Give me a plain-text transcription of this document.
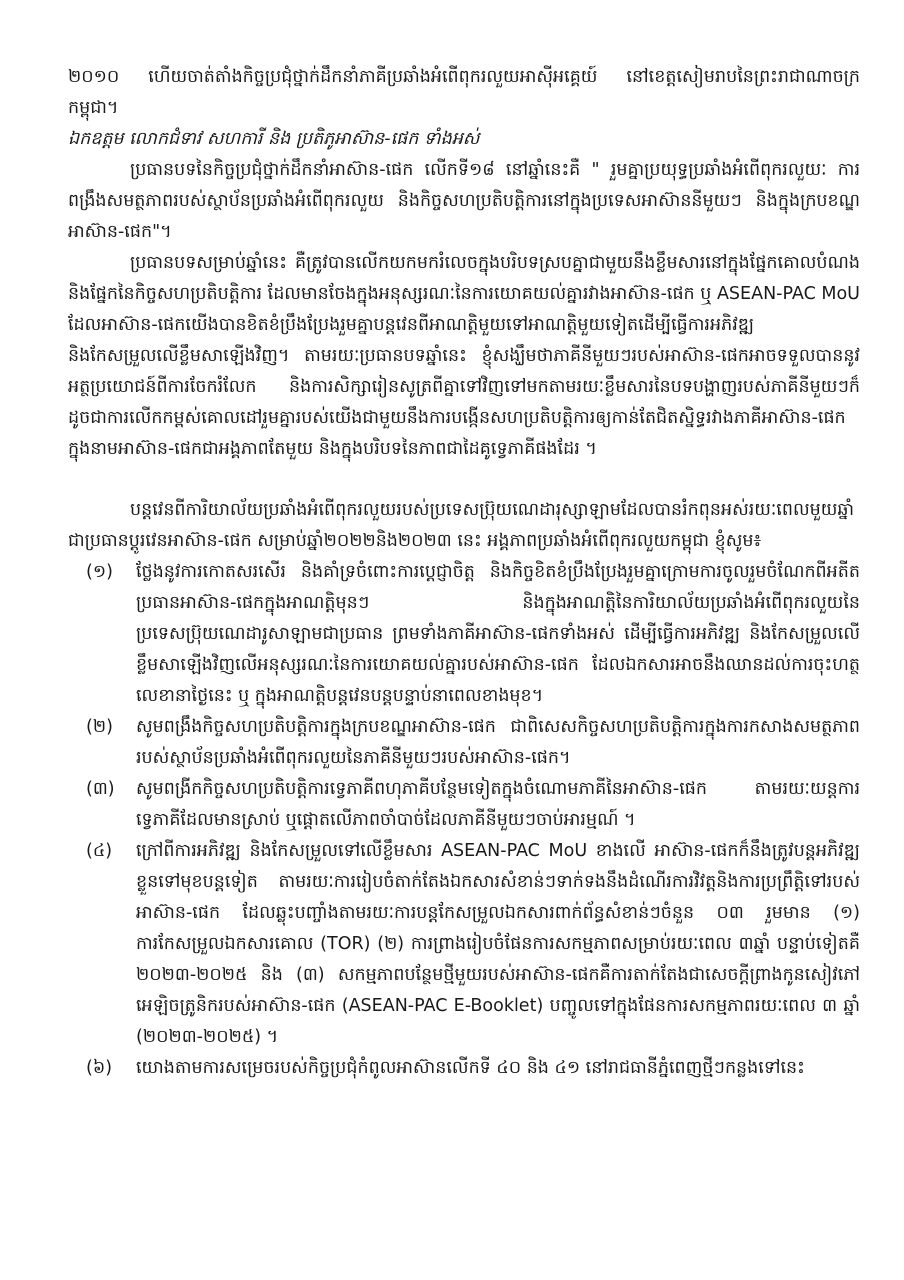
២០១០ ហើយចាត់តាំងកិច្ចប្រជុំថ្នាក់ដឹកនាំភាគីប្រឆាំងអំពើពុករលួយអាស៊ីអគ្គេយ៍ នៅខេត្តសៀមរាបនៃព្រះរាជាណាចក្រកម្ពុជា។

ឯកឧត្តម លោកជំទាវ សហការី និង ប្រតិភូអាស៊ាន-ផេក ទាំងអស់

ប្រធានបទនៃកិច្ចប្រជុំថ្នាក់ដឹកនាំអាស៊ាន-ផេក លើកទី១៨ នៅឆ្នាំនេះគឺ " រួមគ្នាប្រយុទ្ធប្រឆាំងអំពើពុករលួយៈ ការពង្រឹងសមត្ថភាពរបស់ស្ថាប័នប្រឆាំងអំពើពុករលួយ និងកិច្ចសហប្រតិបត្តិការនៅក្នុងប្រទេសអាស៊ាននីមួយៗ និងក្នុងក្របខណ្ឌអាស៊ាន-ផេក"។

ប្រធានបទសម្រាប់ឆ្នាំនេះ គឺត្រូវបានលើកយកមករំលេចក្នុងបរិបទស្របគ្នាជាមួយនឹងខ្លឹមសារនៅក្នុងផ្នែកគោលបំណង និងផ្នែកនៃកិច្ចសហប្រតិបត្តិការ ដែលមានចែងក្នុងអនុស្សរណៈនៃការយោគយល់គ្នារវាងអាស៊ាន-ផេក ឬ ASEAN-PAC MoU ដែលអាស៊ាន-ផេកយើងបានខិតខំប្រឹងប្រែងរួមគ្នាបន្តវេនពីអាណត្តិមួយទៅអាណត្តិមួយទៀតដើម្បីធ្វើការអភិវឌ្ឍ និងកែសម្រួលលើខ្លឹមសាឡើងវិញ។ តាមរយៈប្រធានបទឆ្នាំនេះ ខ្ញុំសង្ឃឹមថាភាគីនីមួយៗរបស់អាស៊ាន-ផេកអាចទទួលបាននូវអត្ថប្រយោជន៍ពីការចែករំលែក និងការសិក្សារៀនសូត្រពីគ្នាទៅវិញទៅមកតាមរយៈខ្លឹមសារនៃបទបង្ហាញរបស់ភាគីនីមួយៗក៏ដូចជាការលើកកម្ពស់គោលដៅរួមគ្នារបស់យើងជាមួយនឹងការបង្កើនសហប្រតិបត្តិការឲ្យកាន់តែជិតស្និទ្ធរវាងភាគីអាស៊ាន-ផេក ក្នុងនាមអាស៊ាន-ផេកជាអង្គភាពតែមួយ និងក្នុងបរិបទនៃភាពជាដៃគូទ្វេភាគីផងដែរ ។

បន្តវេនពីការិយាល័យប្រឆាំងអំពើពុករលួយរបស់ប្រទេសប្រ៊ុយណេដារុស្សាឡាមដែលបានរំកពុនអស់រយៈពេលមួយឆ្នាំជាប្រធានប្តូរវេនអាស៊ាន-ផេក សម្រាប់ឆ្នាំ២០២២និង២០២៣ នេះ អង្គភាពប្រឆាំងអំពើពុករលួយកម្ពុជា ខ្ញុំសូម៖

(១)	ថ្លែងនូវការកោតសរសើរ និងគាំទ្រចំពោះការប្តេជ្ញាចិត្ត និងកិច្ចខិតខំប្រឹងប្រែងរួមគ្នាក្រោមការចូលរួមចំណែកពីអតីតប្រធានអាស៊ាន-ផេកក្នុងអាណត្តិមុនៗ និងក្នុងអាណត្តិនៃការិយាល័យប្រឆាំងអំពើពុករលួយនៃប្រទេសប្រ៊ុយណេដារូសាឡាមជាប្រធាន ព្រមទាំងភាគីអាស៊ាន-ផេកទាំងអស់ ដើម្បីធ្វើការអភិវឌ្ឍ និងកែសម្រួលលើខ្លឹមសាឡើងវិញលើអនុស្សរណៈនៃការយោគយល់គ្នារបស់អាស៊ាន-ផេក ដែលឯកសារអាចនឹងឈានដល់ការចុះហត្ថលេខានាថ្ងៃនេះ ឬ ក្នុងអាណត្តិបន្តវេនបន្តបន្ទាប់នាពេលខាងមុខ។
(២)	សូមពង្រឹងកិច្ចសហប្រតិបត្តិការក្នុងក្របខណ្ឌអាស៊ាន-ផេក ជាពិសេសកិច្ចសហប្រតិបត្តិការក្នុងការកសាងសមត្ថភាពរបស់ស្ថាប័នប្រឆាំងអំពើពុករលួយនៃភាគីនីមួយៗរបស់អាស៊ាន-ផេក។
(៣)	សូមពង្រីកកិច្ចសហប្រតិបត្តិការទ្វេភាគីពហុភាគីបន្ថែមទៀតក្នុងចំណោមភាគីនៃអាស៊ាន-ផេក តាមរយៈយន្តការទ្វេភាគីដែលមានស្រាប់ ឬផ្តោតលើភាពចាំបាច់ដែលភាគីនីមួយៗចាប់អារម្មណ៍ ។
(៤)	ក្រៅពីការអភិវឌ្ឍ និងកែសម្រួលទៅលើខ្លឹមសារ ASEAN-PAC MoU ខាងលើ អាស៊ាន-ផេកក៏នឹងត្រូវបន្តអភិវឌ្ឍខ្លួនទៅមុខបន្តទៀត តាមរយៈការរៀបចំតាក់តែងឯកសារសំខាន់ៗទាក់ទងនឹងដំណើរការវិវត្តនិងការប្រព្រឹត្តិទៅរបស់អាស៊ាន-ផេក ដែលឆ្លុះបញ្ចាំងតាមរយៈការបន្តកែសម្រួលឯកសារពាក់ព័ន្ធសំខាន់ៗចំនួន ០៣ រួមមាន (១) ការកែសម្រួលឯកសារគោល (TOR) (២) ការព្រាងរៀបចំផែនការសកម្មភាពសម្រាប់រយៈពេល ៣ឆ្នាំ បន្ទាប់ទៀតគឺ ២០២៣-២០២៥ និង (៣) សកម្មភាពបន្ថែមថ្មីមួយរបស់អាស៊ាន-ផេកគឺការតាក់តែងជាសេចក្តីព្រាងកូនសៀវភៅអេឡិចត្រូនិករបស់អាស៊ាន-ផេក (ASEAN-PAC E-Booklet) បញ្ចូលទៅក្នុងផែនការសកម្មភាពរយៈពេល ៣ ឆ្នាំ (២០២៣-២០២៥) ។
(៦)	យោងតាមការសម្រេចរបស់កិច្ចប្រជុំកំពូលអាស៊ានលើកទី ៤០ និង ៤១ នៅរាជធានីភ្នំពេញថ្មីៗកន្លងទៅនេះ
